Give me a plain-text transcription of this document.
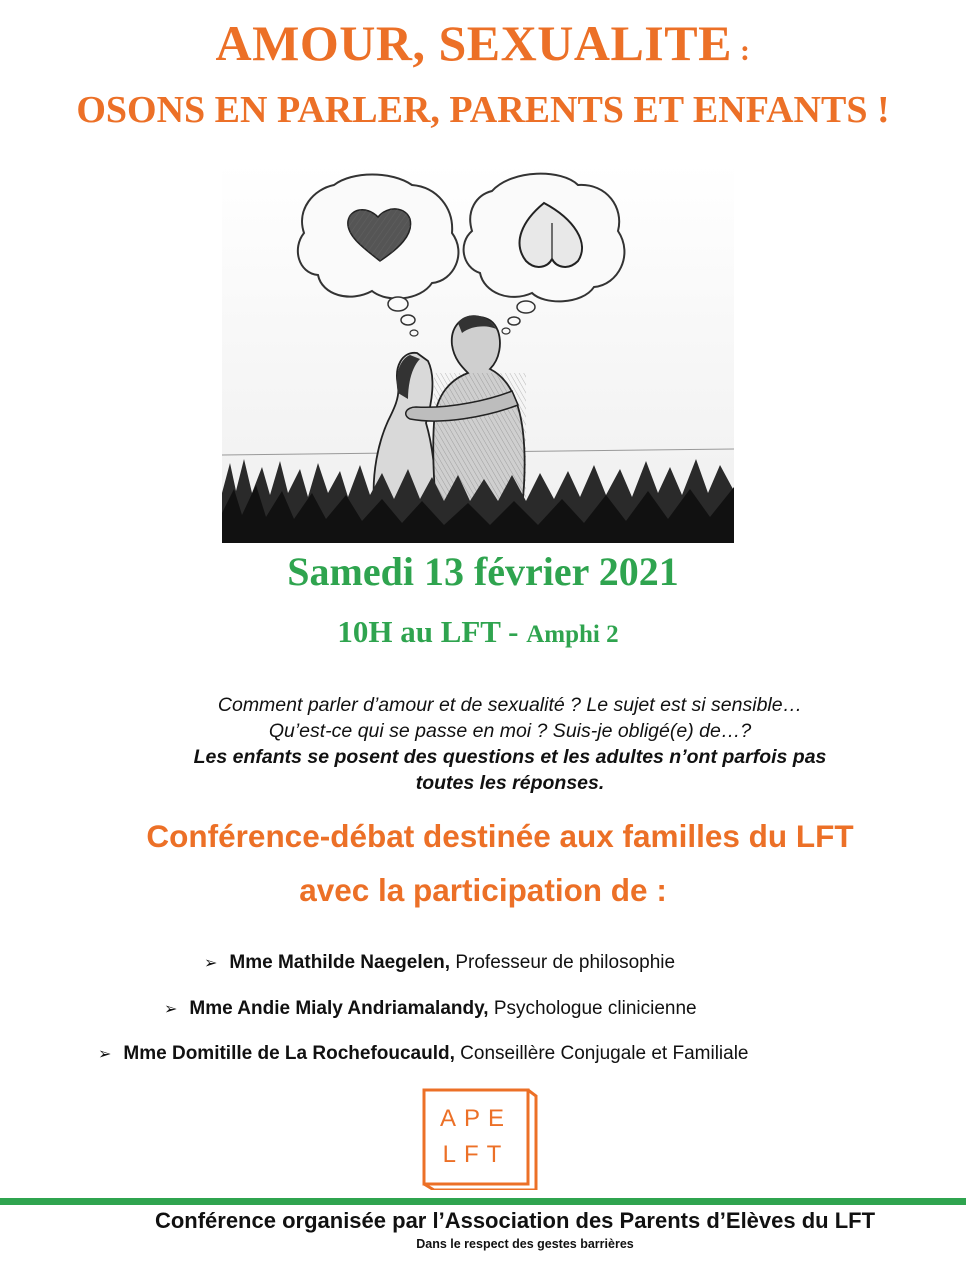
AMOUR, SEXUALITE :
OSONS EN PARLER, PARENTS ET ENFANTS !
Samedi 13 février 2021
10H au LFT - Amphi 2
Comment parler d’amour et de sexualité ? Le sujet est si sensible…
Qu’est-ce qui se passe en moi ? Suis-je obligé(e) de…?
Les enfants se posent des questions et les adultes n’ont parfois pas
toutes les réponses.
Conférence-débat destinée aux familles du LFT
avec la participation de :
➢ Mme Mathilde Naegelen, Professeur de philosophie
➢ Mme Andie Mialy Andriamalandy, Psychologue clinicienne
➢ Mme Domitille de La Rochefoucauld, Conseillère Conjugale et Familiale
APE
LFT
Conférence organisée par l’Association des Parents d’Elèves du LFT
Dans le respect des gestes barrières
